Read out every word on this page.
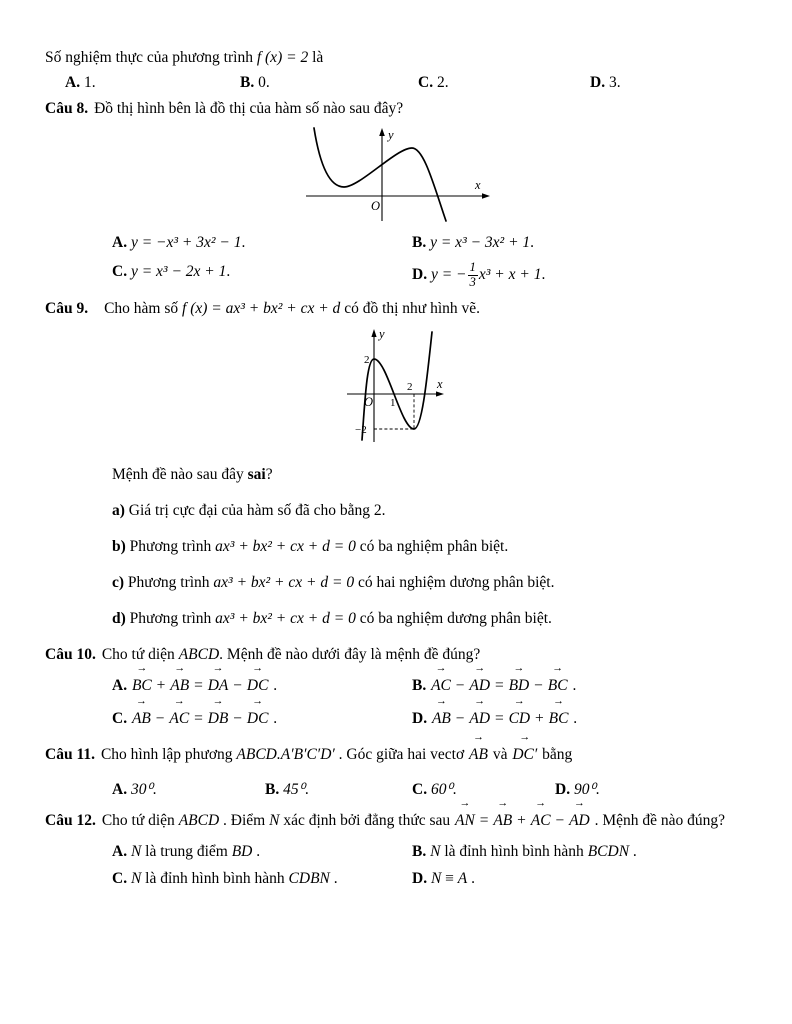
Số nghiệm thực của phương trình f (x) = 2 là
A. 1.	B. 0.	C. 2.	D. 3.
Câu 8. Đồ thị hình bên là đồ thị của hàm số nào sau đây?
y
x
O
A. y = −x³ + 3x² − 1.	B. y = x³ − 3x² + 1.
C. y = x³ − 2x + 1.	D. y = − $\frac{1}{3} x^3 + x + 1$.
Câu 9. Cho hàm số f (x) = ax³ + bx² + cx + d có đồ thị như hình vẽ.
y
x
O
2
−2
1
2
Mệnh đề nào sau đây sai?
a) Giá trị cực đại của hàm số đã cho bằng 2.
b) Phương trình ax³ + bx² + cx + d = 0 có ba nghiệm phân biệt.
c) Phương trình ax³ + bx² + cx + d = 0 có hai nghiệm dương phân biệt.
d) Phương trình ax³ + bx² + cx + d = 0 có ba nghiệm dương phân biệt.
Câu 10. Cho tứ diện ABCD. Mệnh đề nào dưới đây là mệnh đề đúng?
A. BC → + AB → = DA → − DC → .	B. AC → − AD → = BD → − BC → .
C. AB → − AC → = DB → − DC → .	D. AB → − AD → = CD → + BC → .
Câu 11. Cho hình lập phương ABCD.A′B′C′D′ . Góc giữa hai vectơ AB → và DC′ → bằng
A. 30⁰.	B. 45⁰.	C. 60⁰.	D. 90⁰.
Câu 12. Cho tứ diện ABCD . Điểm N xác định bởi đẳng thức sau AN → = AB → + AC → − AD → . Mệnh đề nào đúng?
A. N là trung điểm BD .	B. N là đỉnh hình bình hành BCDN .
C. N là đỉnh hình bình hành CDBN .	D. N ≡ A .
